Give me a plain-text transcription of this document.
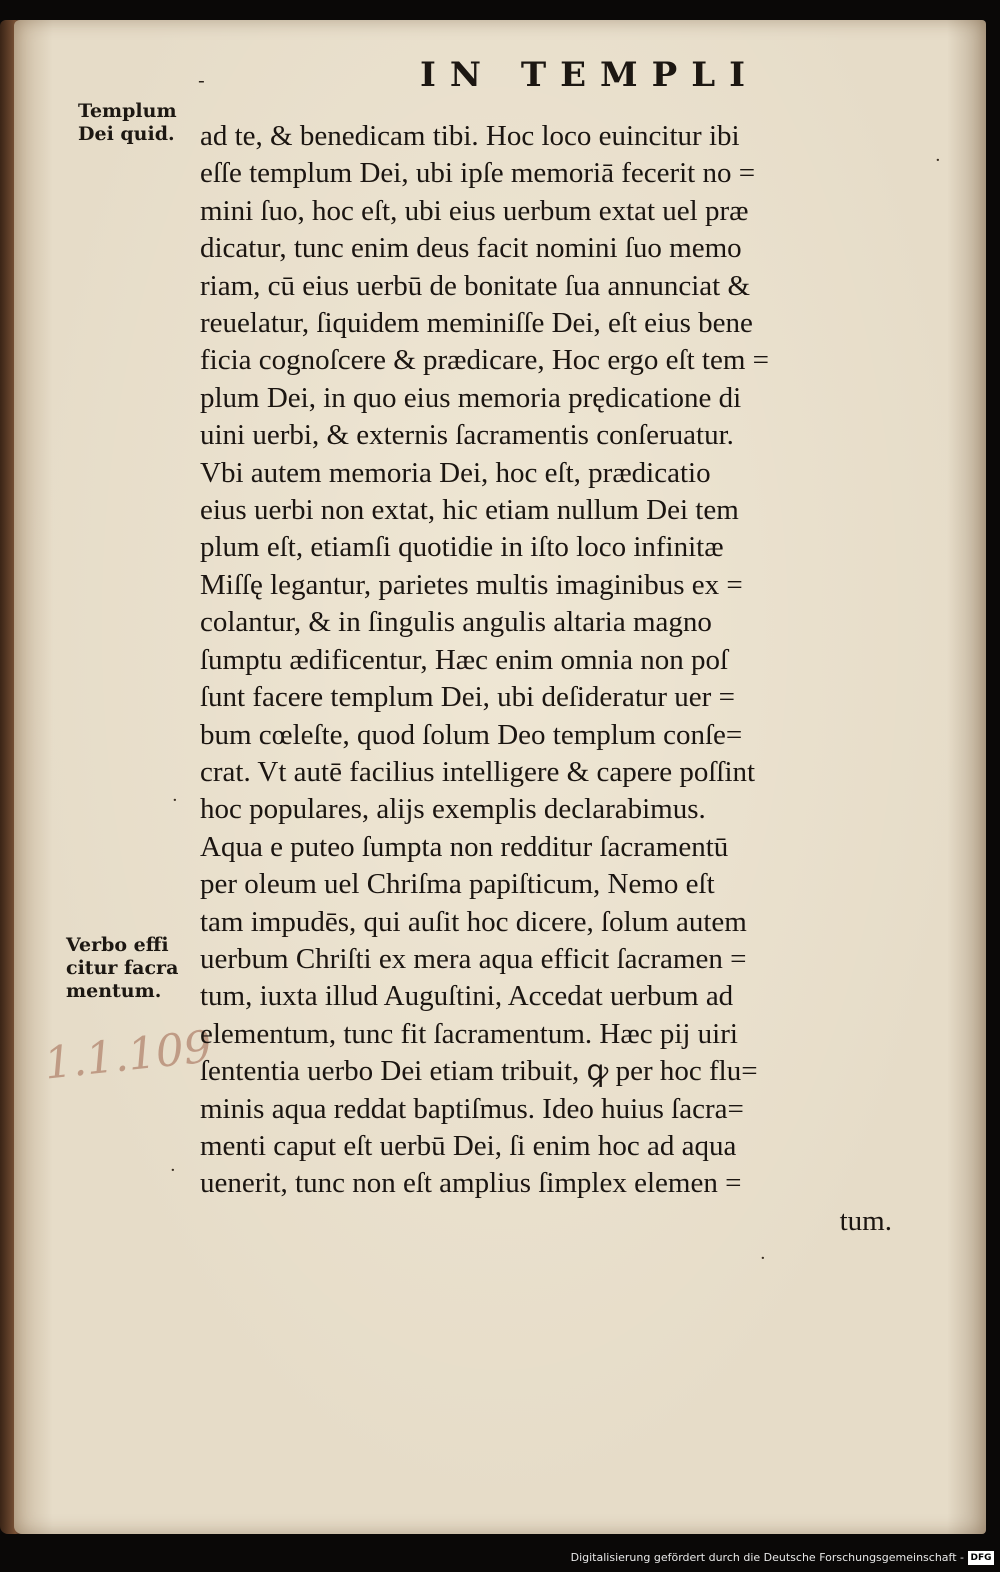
-	IN TEMPLI
Templum
Dei quid.
Verbo effi
citur facra
mentum.
1.1.109
ad te, & benedicam tibi. Hoc loco euincitur ibi
eſſe templum Dei, ubi ipſe memoriā fecerit no =
mini ſuo, hoc eſt, ubi eius uerbum extat uel præ
dicatur, tunc enim deus facit nomini ſuo memo
riam, cū eius uerbū de bonitate ſua annunciat &
reuelatur, ſiquidem meminiſſe Dei, eſt eius bene
ficia cognoſcere & prædicare, Hoc ergo eſt tem =
plum Dei, in quo eius memoria prędicatione di
uini uerbi, & externis ſacramentis conſeruatur.
Vbi autem memoria Dei, hoc eſt, prædicatio
eius uerbi non extat, hic etiam nullum Dei tem
plum eſt, etiamſi quotidie in iſto loco infinitæ
Miſſę legantur, parietes multis imaginibus ex =
colantur, & in ſingulis angulis altaria magno
ſumptu ædificentur, Hæc enim omnia non poſ
ſunt facere templum Dei, ubi deſideratur uer =
bum cœleſte, quod ſolum Deo templum conſe=
crat. Vt autē facilius intelligere & capere poſſint
hoc populares, alijs exemplis declarabimus.
Aqua e puteo ſumpta non redditur ſacramentū
per oleum uel Chriſma papiſticum, Nemo eſt
tam impudēs, qui auſit hoc dicere, ſolum autem
uerbum Chriſti ex mera aqua efficit ſacramen =
tum, iuxta illud Auguſtini, Accedat uerbum ad
elementum, tunc fit ſacramentum. Hæc pij uiri
ſententia uerbo Dei etiam tribuit, ꝙ per hoc flu=
minis aqua reddat baptiſmus. Ideo huius ſacra=
menti caput eſt uerbū Dei, ſi enim hoc ad aqua
uenerit, tunc non eſt amplius ſimplex elemen =
tum.
·
·
·
·
Digitalisierung gefördert durch die Deutsche Forschungsgemeinschaft - DFG
